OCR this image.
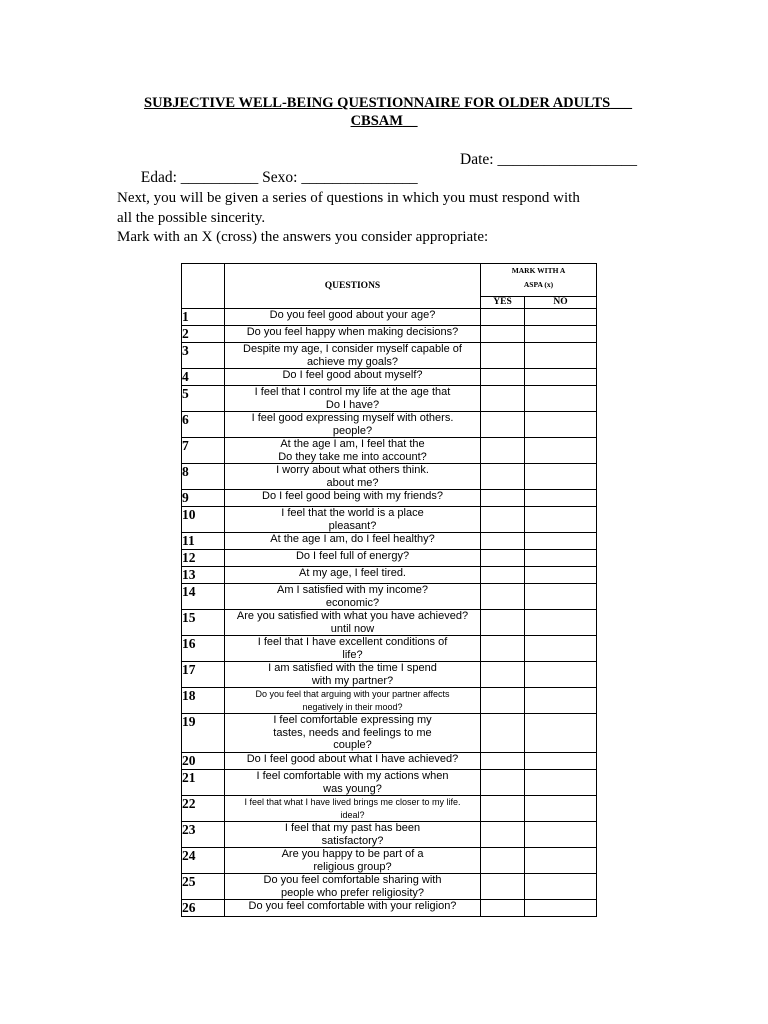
SUBJECTIVE WELL-BEING QUESTIONNAIRE FOR OLDER ADULTS___
CBSAM__

Edad: __________ Sexo: _______________

Date: __________________

Next, you will be given a series of questions in which you must respond with
all the possible sincerity.
Mark with an X (cross) the answers you consider appropriate:
	QUESTIONS	MARK WITH A
ASPA (x)	

		YES	NO
1	Do you feel good about your age?		
2	Do you feel happy when making decisions?		
3	Despite my age, I consider myself capable of
achieve my goals?		
4	Do I feel good about myself?		
5	I feel that I control my life at the age that
Do I have?		
6	I feel good expressing myself with others.
people?		
7	At the age I am, I feel that the
Do they take me into account?		
8	I worry about what others think.
about me?		
9	Do I feel good being with my friends?		
10	I feel that the world is a place
pleasant?		
11	At the age I am, do I feel healthy?		
12	Do I feel full of energy?		
13	At my age, I feel tired.		
14	Am I satisfied with my income?
economic?		
15	Are you satisfied with what you have achieved?
until now		
16	I feel that I have excellent conditions of
life?		
17	I am satisfied with the time I spend
with my partner?		
18	Do you feel that arguing with your partner affects
negatively in their mood?		
19	I feel comfortable expressing my
tastes, needs and feelings to me
couple?		
20	Do I feel good about what I have achieved?		
21	I feel comfortable with my actions when
was young?		
22	I feel that what I have lived brings me closer to my life.
ideal?		
23	I feel that my past has been
satisfactory?		
24	Are you happy to be part of a
religious group?		
25	Do you feel comfortable sharing with
people who prefer religiosity?		
26	Do you feel comfortable with your religion?		
